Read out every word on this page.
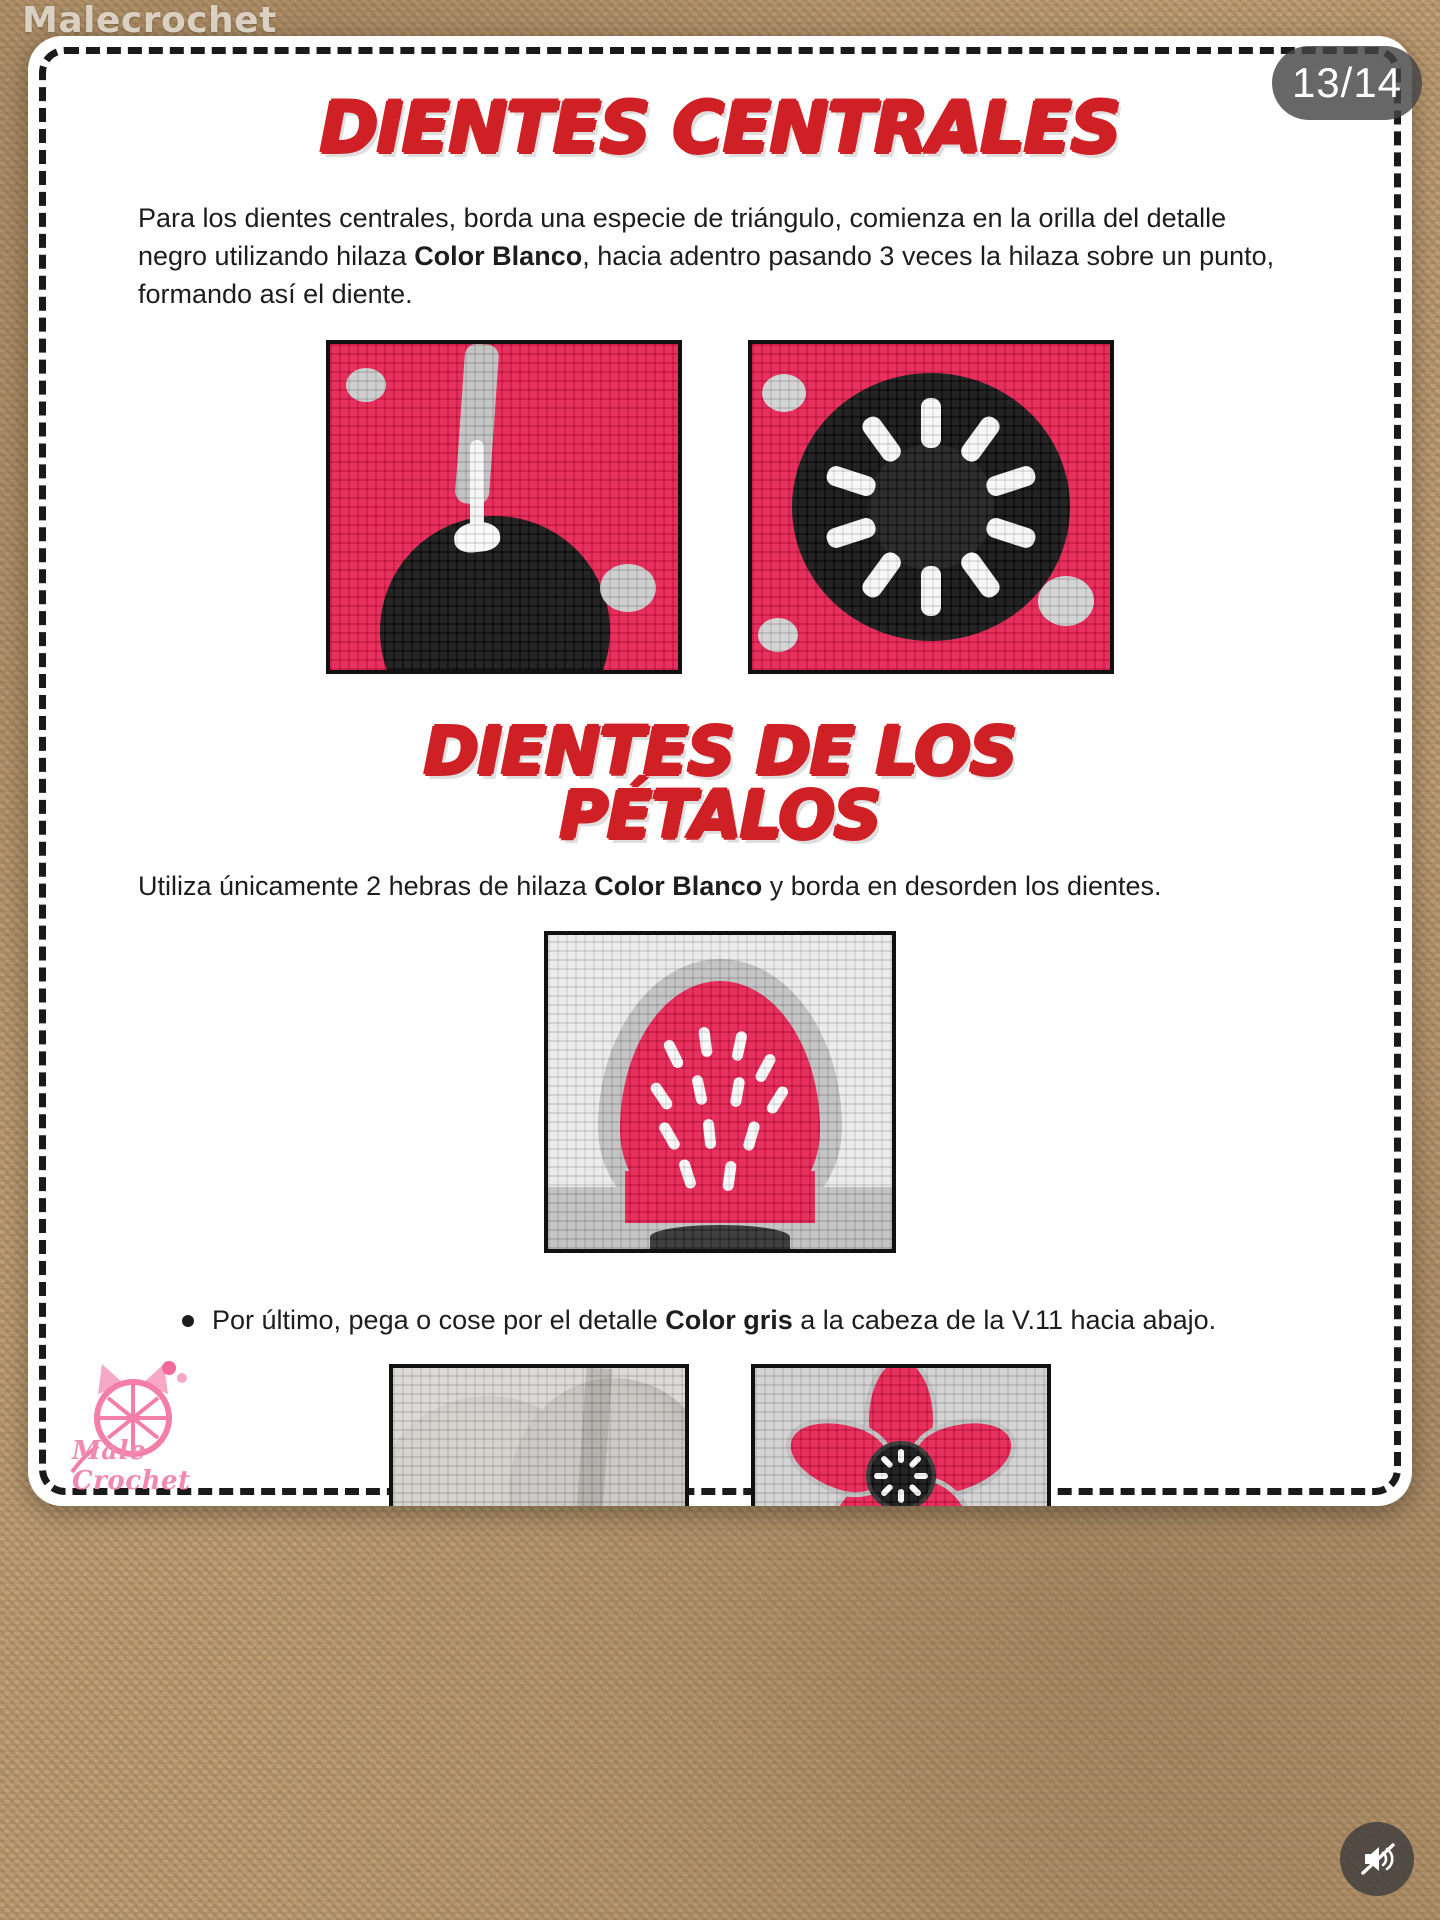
DIENTES CENTRALES

Para los dientes centrales, borda una especie de triángulo, comienza en la orilla del detalle negro utilizando hilaza Color Blanco, hacia adentro pasando 3 veces la hilaza sobre un punto, formando así el diente.

DIENTES DE LOS
PÉTALOS

Utiliza únicamente 2 hebras de hilaza Color Blanco y borda en desorden los dientes.

Por último, pega o cose por el detalle Color gris a la cabeza de la V.11 hacia abajo.
Male Crochet
Malecrochet
13/14
